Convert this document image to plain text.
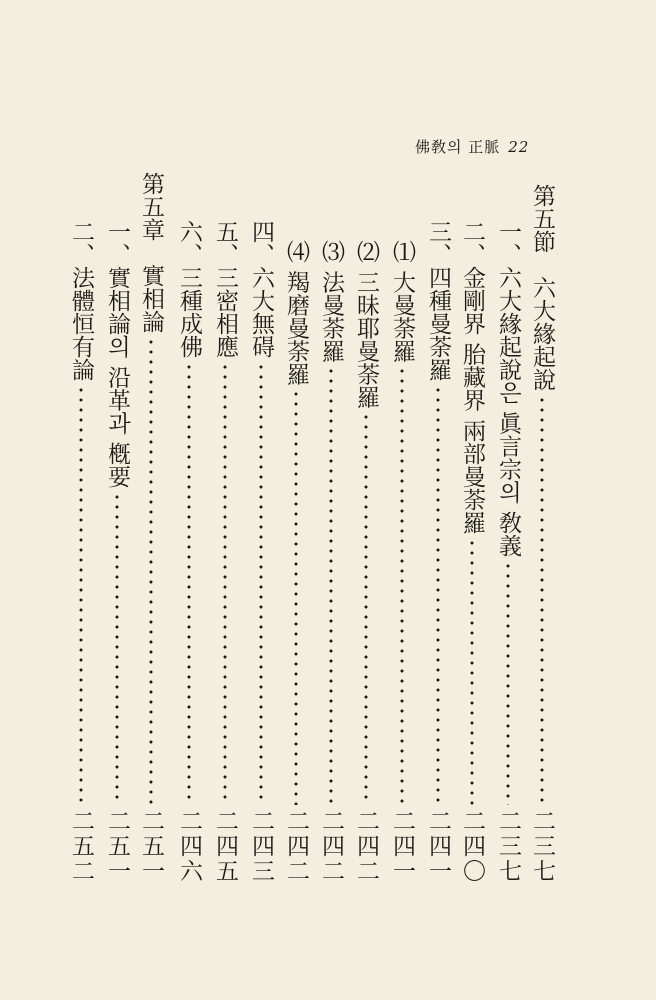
佛敎의 正脈 22
第五節　六大緣起說
二三七
一、六大緣起說은 眞言宗의 敎義
二三七
二、金剛界 胎藏界 兩部曼荼羅
二四〇
三、四種曼荼羅
二四一
⑴ 大曼荼羅
二四一
⑵ 三昧耶曼荼羅
二四二
⑶ 法曼荼羅
二四二
⑷ 羯磨曼荼羅
二四二
四、六大無碍
二四三
五、三密相應
二四五
六、三種成佛
二四六
第五章　實相論
二五一
一、實相論의 沿革과 槪要
二五一
二、法體恒有論
二五二
